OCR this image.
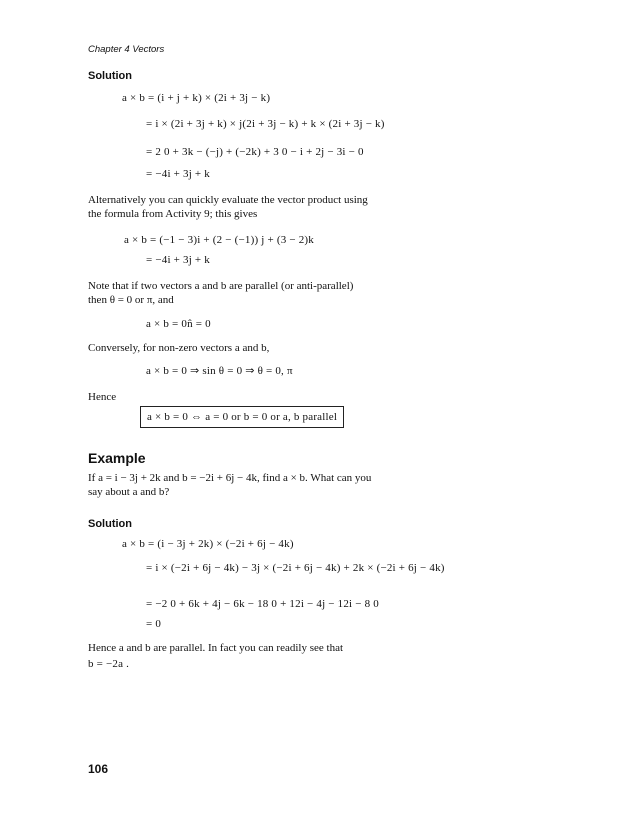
Chapter 4 Vectors
Solution
a × b = (i + j + k) × (2i + 3j − k)
= i × (2i + 3j + k) × j(2i + 3j − k) + k × (2i + 3j − k)
= 2 0 + 3k − (−j) + (−2k) + 3 0 − i + 2j − 3i − 0
= −4i + 3j + k
Alternatively you can quickly evaluate the vector product using
the formula from Activity 9; this gives
a × b = (−1 − 3)i + (2 − (−1)) j + (3 − 2)k
= −4i + 3j + k
Note that if two vectors a and b are parallel (or anti-parallel)
then θ = 0 or π, and
a × b = 0n̂ = 0
Conversely, for non-zero vectors a and b,
a × b = 0 ⇒ sin θ = 0 ⇒ θ = 0, π
Hence
a × b = 0 ⇔ a = 0 or b = 0 or a, b parallel
Example
If a = i − 3j + 2k and b = −2i + 6j − 4k, find a × b. What can you
say about a and b?
Solution
a × b = (i − 3j + 2k) × (−2i + 6j − 4k)
= i × (−2i + 6j − 4k) − 3j × (−2i + 6j − 4k) + 2k × (−2i + 6j − 4k)
= −2 0 + 6k + 4j − 6k − 18 0 + 12i − 4j − 12i − 8 0
= 0
Hence a and b are parallel. In fact you can readily see that
b = −2a .
106
